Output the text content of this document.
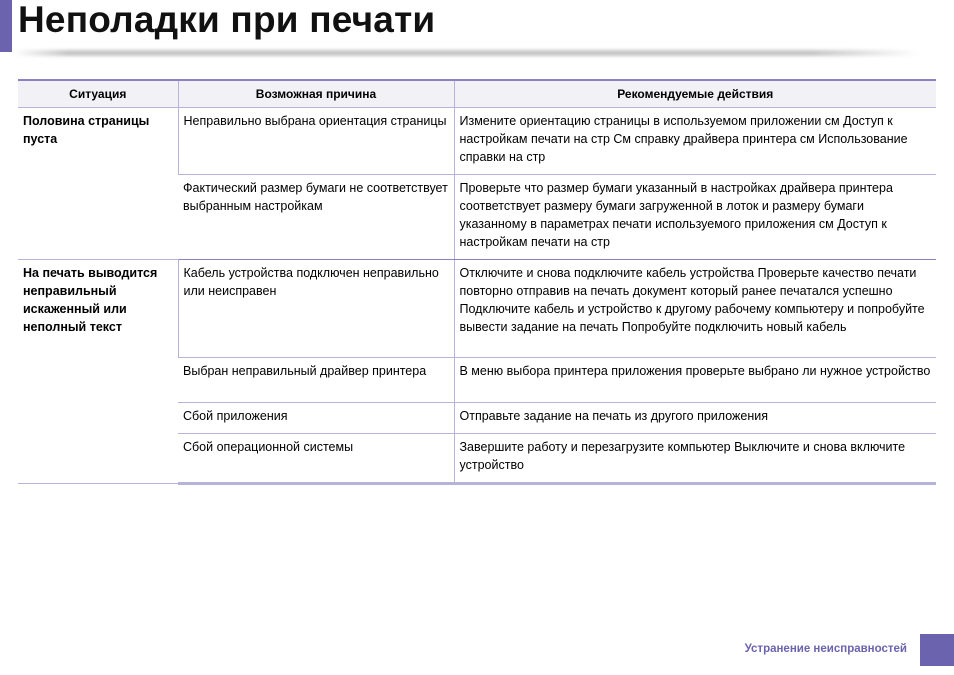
Неполадки при печати
Ситуация	Возможная причина	Рекомендуемые действия
Половина страницы пуста	Неправильно выбрана ориентация страницы	Измените ориентацию страницы в используемом приложении см Доступ к настройкам печати на стр См справку драйвера принтера см Использование справки на стр
	Фактический размер бумаги не соответствует выбранным настройкам	Проверьте что размер бумаги указанный в настройках драйвера принтера соответствует размеру бумаги загруженной в лоток и размеру бумаги указанному в параметрах печати используемого приложения см Доступ к настройкам печати на стр
На печать выводится неправильный искаженный или неполный текст	Кабель устройства подключен неправильно или неисправен	Отключите и снова подключите кабель устройства Проверьте качество печати повторно отправив на печать документ который ранее печатался успешно Подключите кабель и устройство к другому рабочему компьютеру и попробуйте вывести задание на печать Попробуйте подключить новый кабель
	Выбран неправильный драйвер принтера	В меню выбора принтера приложения проверьте выбрано ли нужное устройство
	Сбой приложения	Отправьте задание на печать из другого приложения
	Сбой операционной системы	Завершите работу и перезагрузите компьютер Выключите и снова включите устройство
Устранение неисправностей
